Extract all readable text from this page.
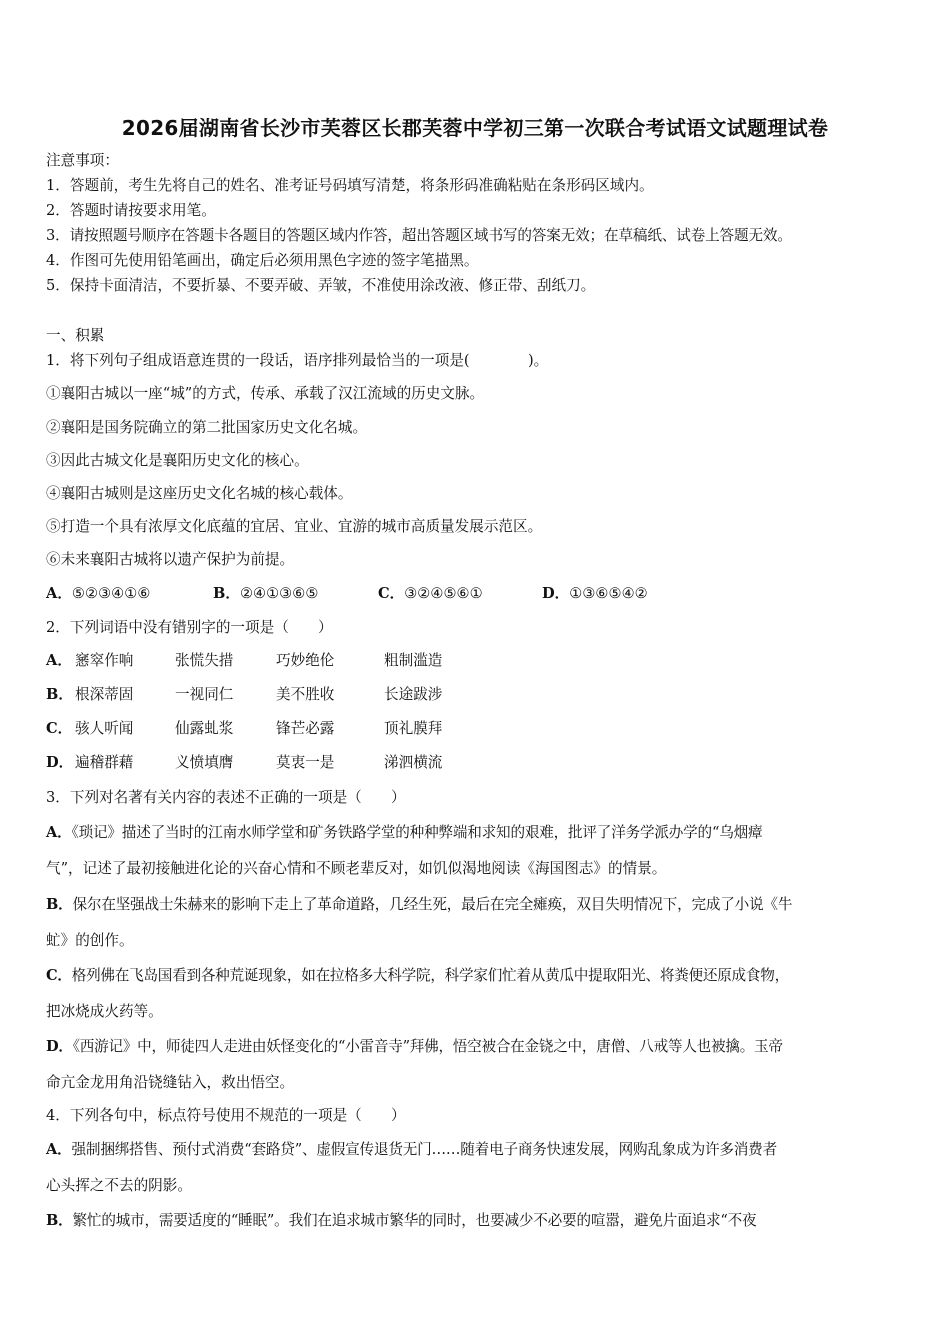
2026届湖南省长沙市芙蓉区长郡芙蓉中学初三第一次联合考试语文试题理试卷
注意事项：
1．答题前，考生先将自己的姓名、准考证号码填写清楚，将条形码准确粘贴在条形码区域内。
2．答题时请按要求用笔。
3．请按照题号顺序在答题卡各题目的答题区域内作答，超出答题区域书写的答案无效；在草稿纸、试卷上答题无效。
4．作图可先使用铅笔画出，确定后必须用黑色字迹的签字笔描黑。
5．保持卡面清洁，不要折暴、不要弄破、弄皱，不准使用涂改液、修正带、刮纸刀。
一、积累
1．将下列句子组成语意连贯的一段话，语序排列最恰当的一项是(　　　　)。
①襄阳古城以一座“城”的方式，传承、承载了汉江流域的历史文脉。
②襄阳是国务院确立的第二批国家历史文化名城。
③因此古城文化是襄阳历史文化的核心。
④襄阳古城则是这座历史文化名城的核心载体。
⑤打造一个具有浓厚文化底蕴的宜居、宜业、宜游的城市高质量发展示范区。
⑥未来襄阳古城将以遗产保护为前提。
A．⑤②③④①⑥	B．②④①③⑥⑤	C．③②④⑤⑥①	D．①③⑥⑤④②
2．下列词语中没有错别字的一项是（　　）
A． 窸窣作响	张慌失措	巧妙绝伦	粗制滥造
B． 根深蒂固	一视同仁	美不胜收	长途跋涉
C． 骇人听闻	仙露虬浆	锋芒必露	顶礼膜拜
D． 遍稽群藉	义愤填膺	莫衷一是	涕泗横流
3．下列对名著有关内容的表述不正确的一项是（　　）
A．《琐记》描述了当时的江南水师学堂和矿务铁路学堂的种种弊端和求知的艰难，批评了洋务学派办学的“乌烟瘴
气”，记述了最初接触进化论的兴奋心情和不顾老辈反对，如饥似渴地阅读《海国图志》的情景。
B．保尔在坚强战士朱赫来的影响下走上了革命道路，几经生死，最后在完全瘫痪，双目失明情况下，完成了小说《牛
虻》的创作。
C．格列佛在飞岛国看到各种荒诞现象，如在拉格多大科学院，科学家们忙着从黄瓜中提取阳光、将粪便还原成食物，
把冰烧成火药等。
D．《西游记》中，师徒四人走进由妖怪变化的“小雷音寺”拜佛，悟空被合在金铙之中，唐僧、八戒等人也被擒。玉帝
命亢金龙用角沿铙缝钻入，救出悟空。
4．下列各句中，标点符号使用不规范的一项是（　　）
A．强制捆绑搭售、预付式消费“套路贷”、虚假宣传退货无门……随着电子商务快速发展，网购乱象成为许多消费者
心头挥之不去的阴影。
B．繁忙的城市，需要适度的“睡眠”。我们在追求城市繁华的同时，也要减少不必要的喧嚣，避免片面追求“不夜
